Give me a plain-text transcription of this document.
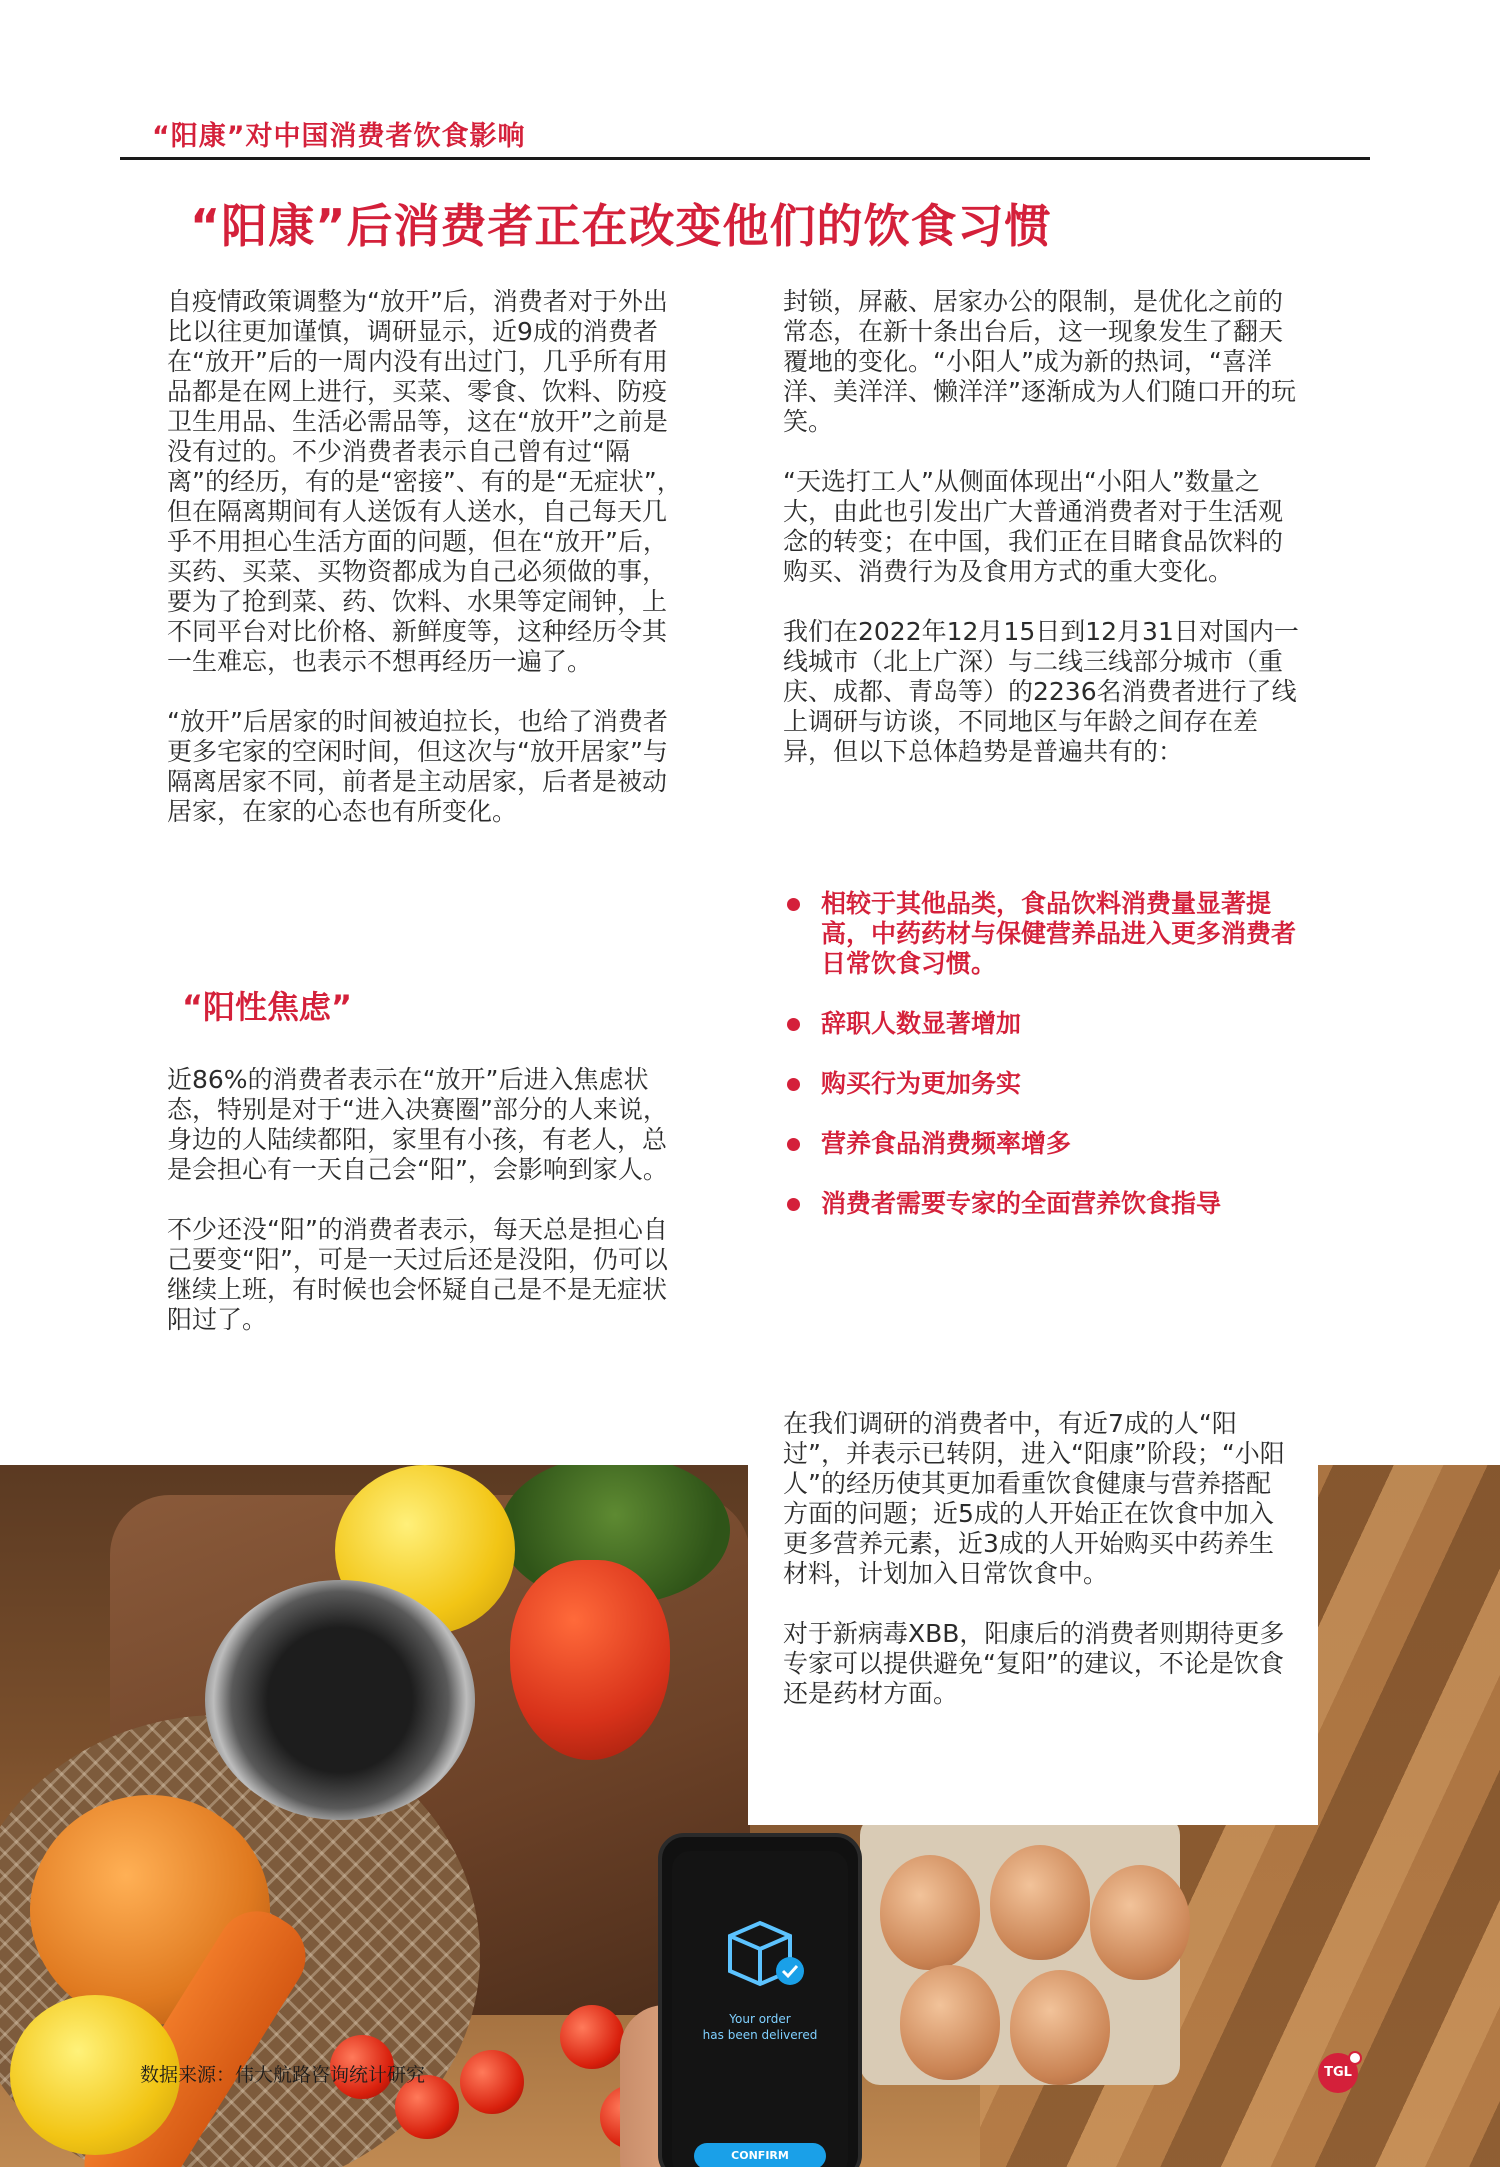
“阳康”对中国消费者饮食影响
“阳康”后消费者正在改变他们的饮食习惯

自疫情政策调整为“放开”后，消费者对于外出比以往更加谨慎，调研显示，近9成的消费者在“放开”后的一周内没有出过门，几乎所有用品都是在网上进行，买菜、零食、饮料、防疫卫生用品、生活必需品等，这在“放开”之前是没有过的。不少消费者表示自己曾有过“隔离”的经历，有的是“密接”、有的是“无症状”，但在隔离期间有人送饭有人送水，自己每天几乎不用担心生活方面的问题，但在“放开”后，买药、买菜、买物资都成为自己必须做的事，要为了抢到菜、药、饮料、水果等定闹钟，上不同平台对比价格、新鲜度等，这种经历令其一生难忘，也表示不想再经历一遍了。

“放开”后居家的时间被迫拉长，也给了消费者更多宅家的空闲时间，但这次与“放开居家”与隔离居家不同，前者是主动居家，后者是被动居家，在家的心态也有所变化。

“阳性焦虑”

近86%的消费者表示在“放开”后进入焦虑状态，特别是对于“进入决赛圈”部分的人来说，身边的人陆续都阳，家里有小孩，有老人，总是会担心有一天自己会“阳”，会影响到家人。

不少还没“阳”的消费者表示，每天总是担心自己要变“阳”，可是一天过后还是没阳，仍可以继续上班，有时候也会怀疑自己是不是无症状阳过了。

封锁，屏蔽、居家办公的限制，是优化之前的常态，在新十条出台后，这一现象发生了翻天覆地的变化。“小阳人”成为新的热词，“喜洋洋、美洋洋、懒洋洋”逐渐成为人们随口开的玩笑。

“天选打工人”从侧面体现出“小阳人”数量之大，由此也引发出广大普通消费者对于生活观念的转变；在中国，我们正在目睹食品饮料的购买、消费行为及食用方式的重大变化。

我们在2022年12月15日到12月31日对国内一线城市（北上广深）与二线三线部分城市（重庆、成都、青岛等）的2236名消费者进行了线上调研与访谈，不同地区与年龄之间存在差异，但以下总体趋势是普遍共有的：

相较于其他品类，食品饮料消费量显著提高，中药药材与保健营养品进入更多消费者日常饮食习惯。
辞职人数显著增加
购买行为更加务实
营养食品消费频率增多
消费者需要专家的全面营养饮食指导
Your order
has been delivered
CONFIRM

在我们调研的消费者中，有近7成的人“阳过”，并表示已转阴，进入“阳康”阶段；“小阳人”的经历使其更加看重饮食健康与营养搭配方面的问题；近5成的人开始正在饮食中加入更多营养元素，近3成的人开始购买中药养生材料，计划加入日常饮食中。

对于新病毒XBB，阳康后的消费者则期待更多专家可以提供避免“复阳”的建议，不论是饮食还是药材方面。

数据来源：伟大航路咨询统计研究	TGL
